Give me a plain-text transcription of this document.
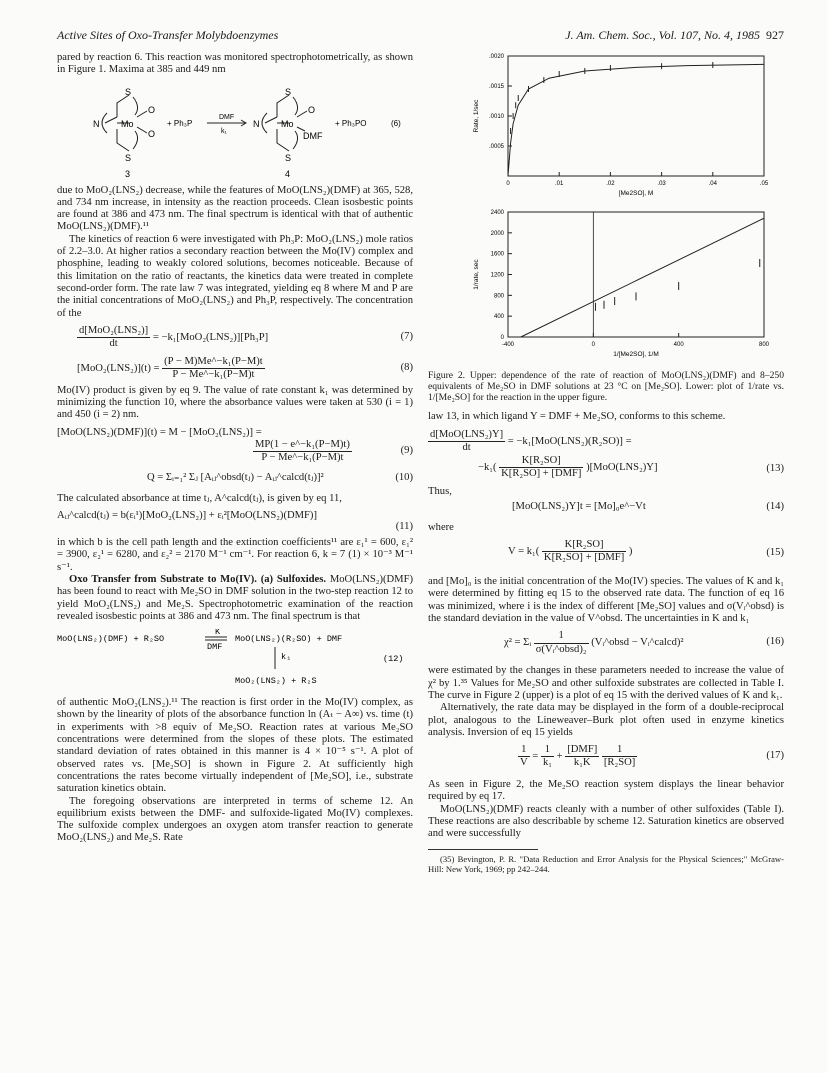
Active Sites of Oxo-Transfer Molybdoenzymes	J. Am. Chem. Soc., Vol. 107, No. 4, 1985 927

pared by reaction 6. This reaction was monitored spectrophotometrically, as shown in Figure 1. Maxima at 385 and 449 nm

S
N Mo
O
O
S
+ Ph₃P
DMF
k₁
S
N Mo
O
DMF
S
+ Ph₃PO	(6)
3	4

due to MoO₂(LNS₂) decrease, while the features of MoO(LNS₂)(DMF) at 365, 528, and 734 nm increase, in intensity as the reaction proceeds. Clean isosbestic points are found at 386 and 473 nm. The final spectrum is identical with that of authentic MoO(LNS₂)(DMF).¹¹

The kinetics of reaction 6 were investigated with Ph₃P: MoO₂(LNS₂) mole ratios of 2.2–3.0. At higher ratios a secondary reaction between the Mo(IV) complex and phosphine, leading to weakly colored solutions, becomes noticeable. Because of this limitation on the ratio of reactants, the kinetics data were treated in complete second-order form. The rate law 7 was integrated, yielding eq 8 where M and P are the initial concentrations of MoO₂(LNS₂) and Ph₃P, respectively. The concentration of the

$\frac{\text{d[MoO₂(LNS₂)]}}{dt} = -k_1[MoO_2(LNS_2)][Ph_3P]$	(7)
$[MoO_2(LNS_2)](t) = \frac{\text{(P − M)Me\textasciicircum{}−k₁(P−M)t}}{\text{P − Me\textasciicircum{}−k₁(P−M)t}}$	(8)

Mo(IV) product is given by eq 9. The value of rate constant k₁ was determined by minimizing the function 10, where the absorbance values were taken at 530 (i = 1) and 450 (i = 2) nm.

[MoO(LNS₂)(DMF)](t) = M − [MoO₂(LNS₂)] =
$\frac{\text{MP(1 − e\textasciicircum{}−k₁(P−M)t)}}{\text{P − Me\textasciicircum{}−k₁(P−M)t}}$	(9)
Q = Σᵢ₌₁² Σⱼ [Aᵢⱼ^obsd(tⱼ) − Aᵢⱼ^calcd(tⱼ)]²	(10)

The calculated absorbance at time tⱼ, A^calcd(tⱼ), is given by eq 11,

Aᵢⱼ^calcd(tⱼ) = b(εᵢ¹)[MoO₂(LNS₂)] + εᵢ²[MoO(LNS₂)(DMF)]
(11)

in which b is the cell path length and the extinction coefficients¹¹ are ε₁¹ = 600, ε₁² = 3900, ε₂¹ = 6280, and ε₂² = 2170 M⁻¹ cm⁻¹. For reaction 6, k = 7 (1) × 10⁻³ M⁻¹ s⁻¹.

Oxo Transfer from Substrate to Mo(IV). (a) Sulfoxides. MoO(LNS₂)(DMF) has been found to react with Me₂SO in DMF solution in the two-step reaction 12 to yield MoO₂(LNS₂) and Me₂S. Spectrophotometric examination of the reaction revealed isosbestic points at 386 and 473 nm. The final spectrum is that

MoO(LNS₂)(DMF) + R₂SO
K
DMF
MoO(LNS₂)(R₂SO) + DMF
k₁	(12)
MoO₂(LNS₂) + R₂S

of authentic MoO₂(LNS₂).¹¹ The reaction is first order in the Mo(IV) complex, as shown by the linearity of plots of the absorbance function ln (Aₜ − A∞) vs. time (t) in experiments with >8 equiv of Me₂SO. Reaction rates at various Me₂SO concentrations were determined from the slopes of these plots. The estimated standard deviation of rates obtained in this manner is 4 × 10⁻⁵ s⁻¹. A plot of observed rates vs. [Me₂SO] is shown in Figure 2. At sufficiently high concentrations the rates become virtually independent of [Me₂SO], i.e., substrate saturation kinetics obtain.

The foregoing observations are interpreted in terms of scheme 12. An equilibrium exists between the DMF- and sulfoxide-ligated Mo(IV) complexes. The sulfoxide complex undergoes an oxygen atom transfer reaction to generate MoO₂(LNS₂) and Me₂S. Rate

0	.01	.02	.03	.04	.05
.0005
.0010
.0015
.0020
[Me2SO], M
Rate, 1/sec
-400	0	400	800
0
400
800
1200
1600
2000
2400
1/[Me2SO], 1/M
1/rate, sec

Figure 2. Upper: dependence of the rate of reaction of MoO(LNS₂)(DMF) and 8–250 equivalents of Me₂SO in DMF solutions at 23 °C on [Me₂SO]. Lower: plot of 1/rate vs. 1/[Me₂SO] for the reaction in the upper figure.

law 13, in which ligand Y = DMF + Me₂SO, conforms to this scheme.

$\frac{\text{d[MoO(LNS₂)Y]}}{dt} = -k_1[MoO(LNS_2)(R_2SO)]$ =
$-k_1( \frac{\text{K[R₂SO]}}{\text{K[R₂SO] + [DMF]}} )[MoO(LNS_2)Y]$	(13)

Thus,

[MoO(LNS₂)Y]t = [Mo]₀e^−Vt	(14)

where

$V = k_1( \frac{\text{K[R₂SO]}}{\text{K[R₂SO] + [DMF]}}$ )	(15)

and [Mo]₀ is the initial concentration of the Mo(IV) species. The values of K and k₁ were determined by fitting eq 15 to the observed rate data. The function of eq 16 was minimized, where i is the index of different [Me₂SO] values and σ(Vᵢ^obsd) is the standard deviation in the value of V^obsd. The uncertainties in K and k₁

χ² = Σᵢ $\frac{1}{\text{σ(Vᵢ\textasciicircum{}obsd)₂}}$ (Vᵢ^obsd − Vᵢ^calcd)²	(16)

were estimated by the changes in these parameters needed to increase the value of χ² by 1.³⁵ Values for Me₂SO and other sulfoxide substrates are collected in Table I. The curve in Figure 2 (upper) is a plot of eq 15 with the derived values of K and k₁.

Alternatively, the rate data may be displayed in the form of a double-reciprocal plot, analogous to the Lineweaver–Burk plot often used in enzyme kinetics analysis. Inversion of eq 15 yields

$\frac{1}{V} = \frac{1}{\text{k₁}} + \frac{\text{[DMF]}}{\text{k₁K}}$
$\frac{1}{\text{[R₂SO]}}$	(17)

As seen in Figure 2, the Me₂SO reaction system displays the linear behavior required by eq 17.

MoO(LNS₂)(DMF) reacts cleanly with a number of other sulfoxides (Table I). These reactions are also describable by scheme 12. Saturation kinetics are observed and were successfully

(35) Bevington, P. R. "Data Reduction and Error Analysis for the Physical Sciences;" McGraw-Hill: New York, 1969; pp 242–244.
